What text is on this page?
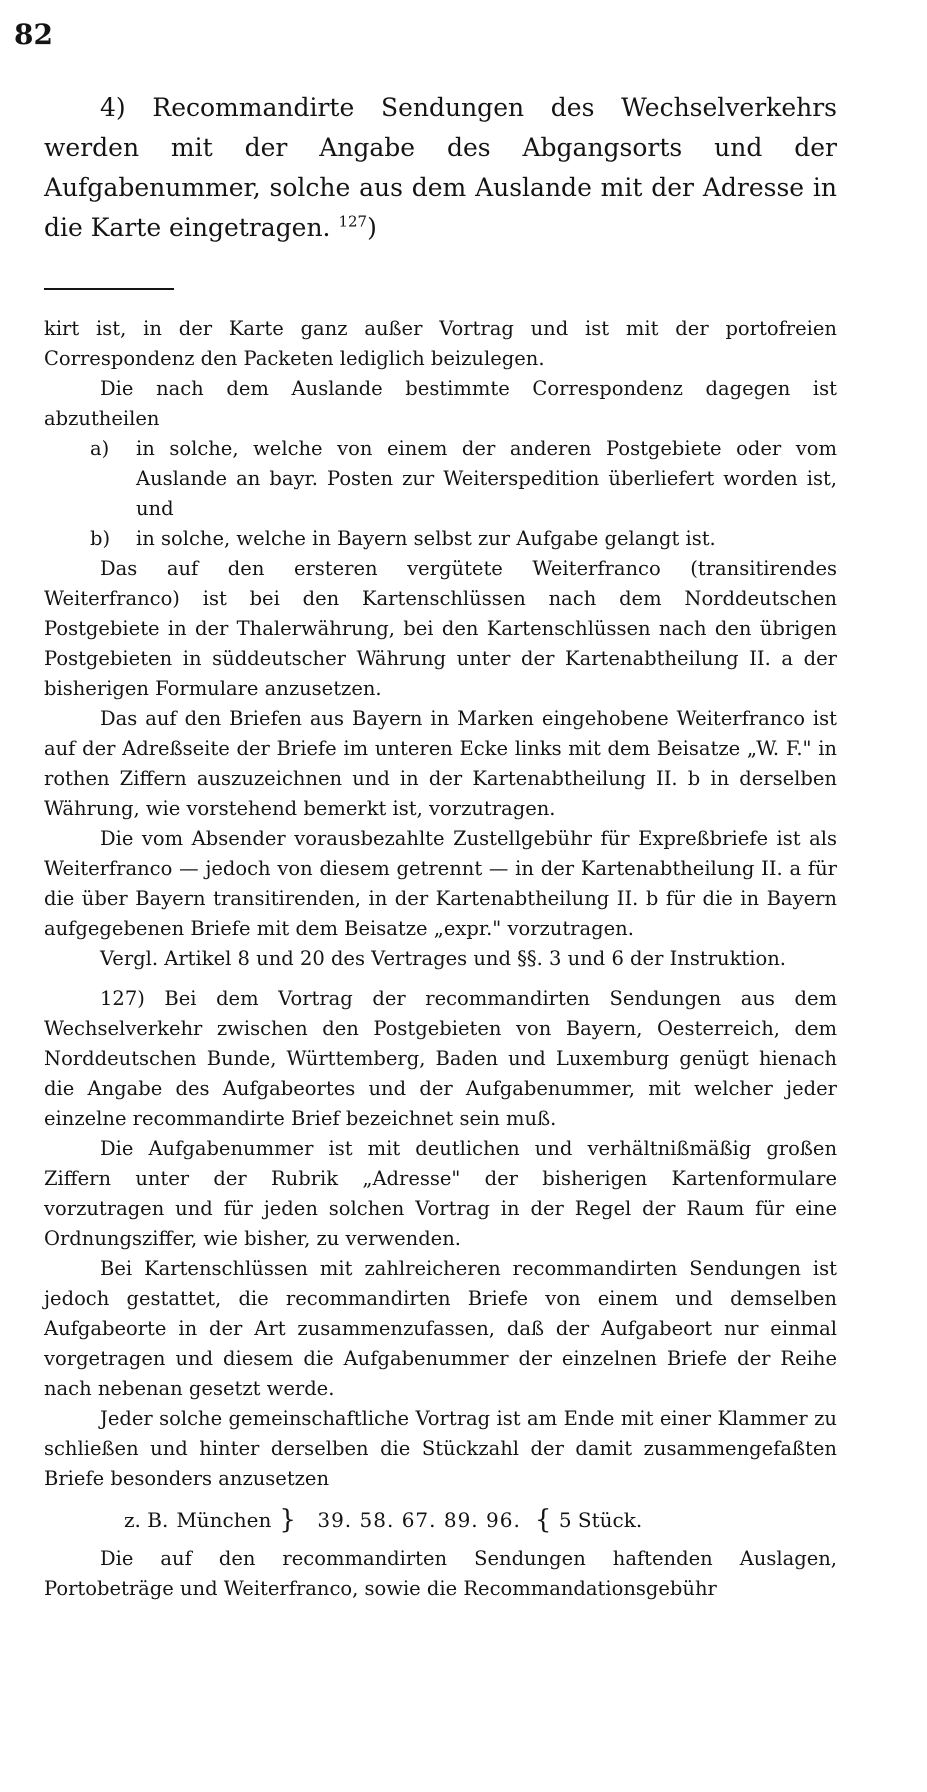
82

4) Recommandirte Sendungen des Wechselverkehrs werden mit der Angabe des Abgangsorts und der Aufgabenummer, solche aus dem Auslande mit der Adresse in die Karte eingetragen. $^{127}$)

kirt ist, in der Karte ganz außer Vortrag und ist mit der portofreien Correspondenz den Packeten lediglich beizulegen.

Die nach dem Auslande bestimmte Correspondenz dagegen ist abzutheilen

a)	in solche, welche von einem der anderen Postgebiete oder vom Auslande an bayr. Posten zur Weiterspedition überliefert worden ist, und
b)	in solche, welche in Bayern selbst zur Aufgabe gelangt ist.

Das auf den ersteren vergütete Weiterfranco (transitirendes Weiterfranco) ist bei den Kartenschlüssen nach dem Norddeutschen Postgebiete in der Thalerwährung, bei den Kartenschlüssen nach den übrigen Postgebieten in süddeutscher Währung unter der Kartenabtheilung II. a der bisherigen Formulare anzusetzen.

Das auf den Briefen aus Bayern in Marken eingehobene Weiterfranco ist auf der Adreßseite der Briefe im unteren Ecke links mit dem Beisatze „W. F." in rothen Ziffern auszuzeichnen und in der Kartenabtheilung II. b in derselben Währung, wie vorstehend bemerkt ist, vorzutragen.

Die vom Absender vorausbezahlte Zustellgebühr für Expreßbriefe ist als Weiterfranco — jedoch von diesem getrennt — in der Kartenabtheilung II. a für die über Bayern transitirenden, in der Kartenabtheilung II. b für die in Bayern aufgegebenen Briefe mit dem Beisatze „expr." vorzutragen.

Vergl. Artikel 8 und 20 des Vertrages und §§. 3 und 6 der Instruktion.

127) Bei dem Vortrag der recommandirten Sendungen aus dem Wechselverkehr zwischen den Postgebieten von Bayern, Oesterreich, dem Norddeutschen Bunde, Württemberg, Baden und Luxemburg genügt hienach die Angabe des Aufgabeortes und der Aufgabenummer, mit welcher jeder einzelne recommandirte Brief bezeichnet sein muß.

Die Aufgabenummer ist mit deutlichen und verhältnißmäßig großen Ziffern unter der Rubrik „Adresse" der bisherigen Kartenformulare vorzutragen und für jeden solchen Vortrag in der Regel der Raum für eine Ordnungsziffer, wie bisher, zu verwenden.

Bei Kartenschlüssen mit zahlreicheren recommandirten Sendungen ist jedoch gestattet, die recommandirten Briefe von einem und demselben Aufgabeorte in der Art zusammenzufassen, daß der Aufgabeort nur einmal vorgetragen und diesem die Aufgabenummer der einzelnen Briefe der Reihe nach nebenan gesetzt werde.

Jeder solche gemeinschaftliche Vortrag ist am Ende mit einer Klammer zu schließen und hinter derselben die Stückzahl der damit zusammengefaßten Briefe besonders anzusetzen

z. B. München } 39. 58. 67. 89. 96. { 5 Stück.

Die auf den recommandirten Sendungen haftenden Auslagen, Portobeträge und Weiterfranco, sowie die Recommandationsgebühr
